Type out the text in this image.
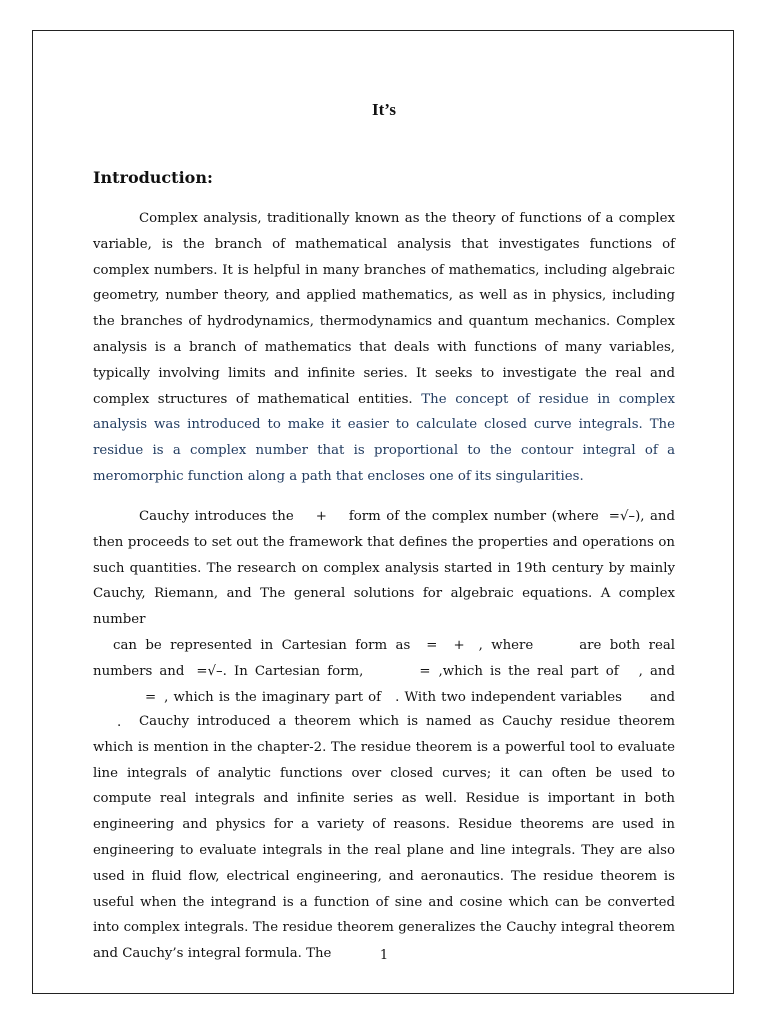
It’s
Introduction:

Complex analysis, traditionally known as the theory of functions of a complex variable, is the branch of mathematical analysis that investigates functions of complex numbers. It is helpful in many branches of mathematics, including algebraic geometry, number theory, and applied mathematics, as well as in physics, including the branches of hydrodynamics, thermodynamics and quantum mechanics. Complex analysis is a branch of mathematics that deals with functions of many variables, typically involving limits and infinite series. It seeks to investigate the real and complex structures of mathematical entities. The concept of residue in complex analysis was introduced to make it easier to calculate closed curve integrals. The residue is a complex number that is proportional to the contour integral of a meromorphic function along a path that encloses one of its singularities.

Cauchy introduces the + form of the complex number (where =√–), and then proceeds to set out the framework that defines the properties and operations on such quantities. The research on complex analysis started in 19th century by mainly Cauchy, Riemann, and The general solutions for algebraic equations. A complex number
can be represented in Cartesian form as = + , where	are both real numbers and =√–. In Cartesian form,	= ,which is the real part of , and= , which is the imaginary part of . With two independent variables and.	Cauchy introduced a theorem which is named as Cauchy residue theorem which is mention in the chapter-2. The residue theorem is a powerful tool to evaluate line integrals of analytic functions over closed curves; it can often be used to compute real integrals and infinite series as well. Residue is important in both engineering and physics for a variety of reasons. Residue theorems are used in engineering to evaluate integrals in the real plane and line integrals. They are also used in fluid flow, electrical engineering, and aeronautics. The residue theorem is useful when the integrand is a function of sine and cosine which can be converted into complex integrals. The residue theorem generalizes the Cauchy integral theorem and Cauchy’s integral formula. The	1
